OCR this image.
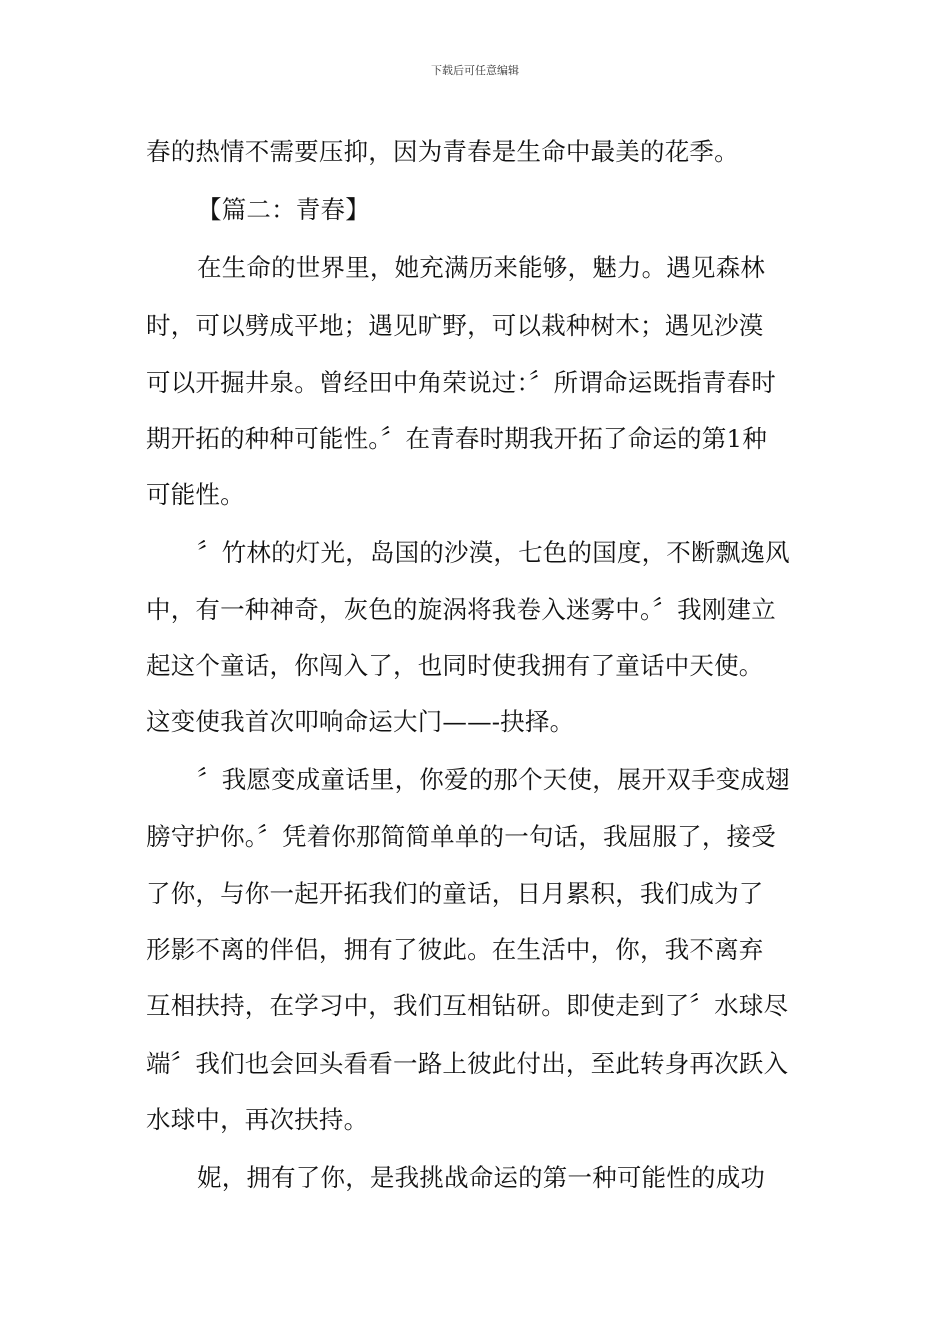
下载后可任意编辑
春的热情不需要压抑，因为青春是生命中最美的花季。
【篇二：青春】
在生命的世界里，她充满历来能够，魅力。遇见森林
时，可以劈成平地；遇见旷野，可以栽种树木；遇见沙漠
可以开掘井泉。曾经田中角荣说过：〞所谓命运既指青春时
期开拓的种种可能性。〞在青春时期我开拓了命运的第1种
可能性。
〞竹林的灯光，岛国的沙漠，七色的国度，不断飘逸风
中，有一种神奇，灰色的旋涡将我卷入迷雾中。〞我刚建立
起这个童话，你闯入了，也同时使我拥有了童话中天使。
这变使我首次叩响命运大门——-抉择。
〞我愿变成童话里，你爱的那个天使，展开双手变成翅
膀守护你。〞凭着你那简简单单的一句话，我屈服了，接受
了你，与你一起开拓我们的童话，日月累积，我们成为了
形影不离的伴侣，拥有了彼此。在生活中，你，我不离弃
互相扶持，在学习中，我们互相钻研。即使走到了〞水球尽
端〞我们也会回头看看一路上彼此付出，至此转身再次跃入
水球中，再次扶持。
妮，拥有了你，是我挑战命运的第一种可能性的成功
